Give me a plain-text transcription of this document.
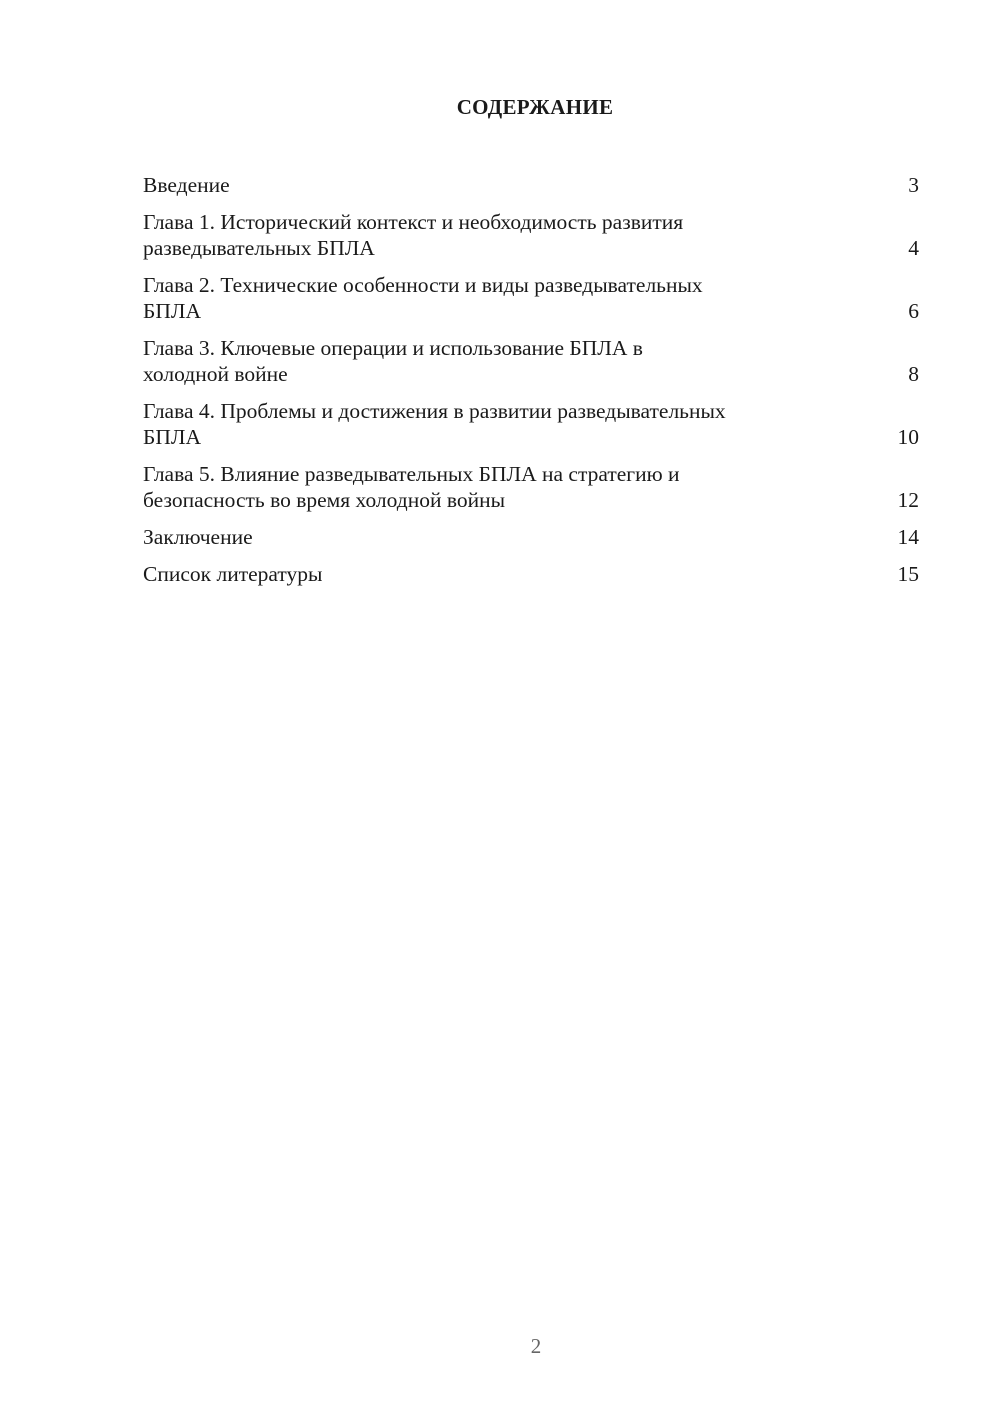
СОДЕРЖАНИЕ
Введение	3
Глава 1. Исторический контекст и необходимость развития
разведывательных БПЛА	4
Глава 2. Технические особенности и виды разведывательных
БПЛА	6
Глава 3. Ключевые операции и использование БПЛА в
холодной войне	8
Глава 4. Проблемы и достижения в развитии разведывательных
БПЛА	10
Глава 5. Влияние разведывательных БПЛА на стратегию и
безопасность во время холодной войны	12
Заключение	14
Список литературы	15
2
